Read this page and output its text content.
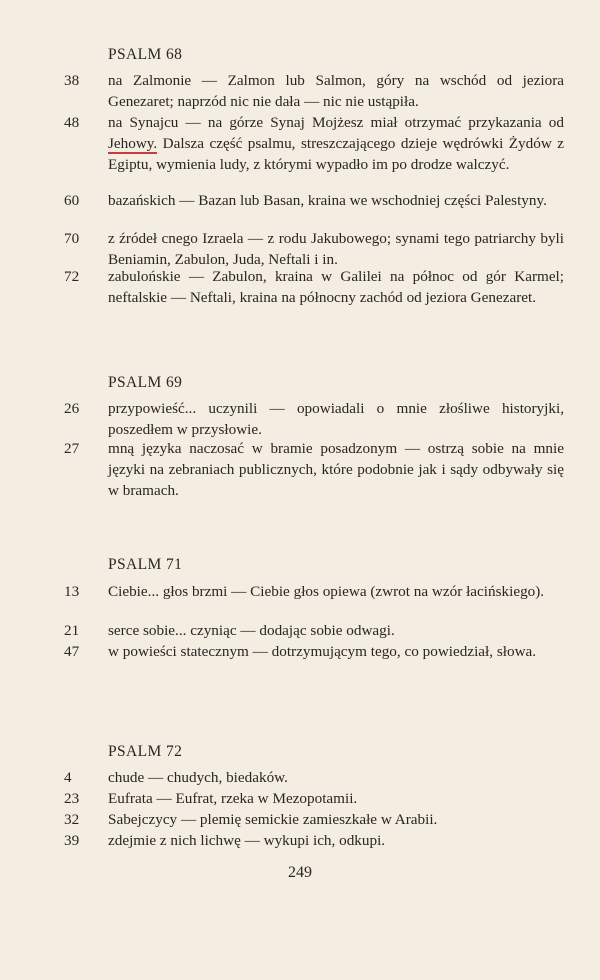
PSALM 68
38	na Zalmonie — Zalmon lub Salmon, góry na wschód od jeziora Genezaret; naprzód nic nie dała — nic nie ustąpiła.
48	na Synajcu — na górze Synaj Mojżesz miał otrzymać przykazania od Jehowy. Dalsza część psalmu, streszczającego dzieje wędrówki Żydów z Egiptu, wymienia ludy, z którymi wypadło im po drodze walczyć.
60	bazańskich — Bazan lub Basan, kraina we wschodniej części Palestyny.
70	z źródeł cnego Izraela — z rodu Jakubowego; synami tego patriarchy byli Beniamin, Zabulon, Juda, Neftali i in.
72	zabulońskie — Zabulon, kraina w Galilei na północ od gór Karmel; neftalskie — Neftali, kraina na północny zachód od jeziora Genezaret.
PSALM 69
26	przypowieść... uczynili — opowiadali o mnie złośliwe historyjki, poszedłem w przysłowie.
27	mną języka naczosać w bramie posadzonym — ostrzą sobie na mnie języki na zebraniach publicznych, które podobnie jak i sądy odbywały się w bramach.
PSALM 71
13	Ciebie... głos brzmi — Ciebie głos opiewa (zwrot na wzór łacińskiego).
21	serce sobie... czyniąc — dodając sobie odwagi.
47	w powieści statecznym — dotrzymującym tego, co powiedział, słowa.
PSALM 72
4	chude — chudych, biedaków.
23	Eufrata — Eufrat, rzeka w Mezopotamii.
32	Sabejczycy — plemię semickie zamieszkałe w Arabii.
39	zdejmie z nich lichwę — wykupi ich, odkupi.
249
